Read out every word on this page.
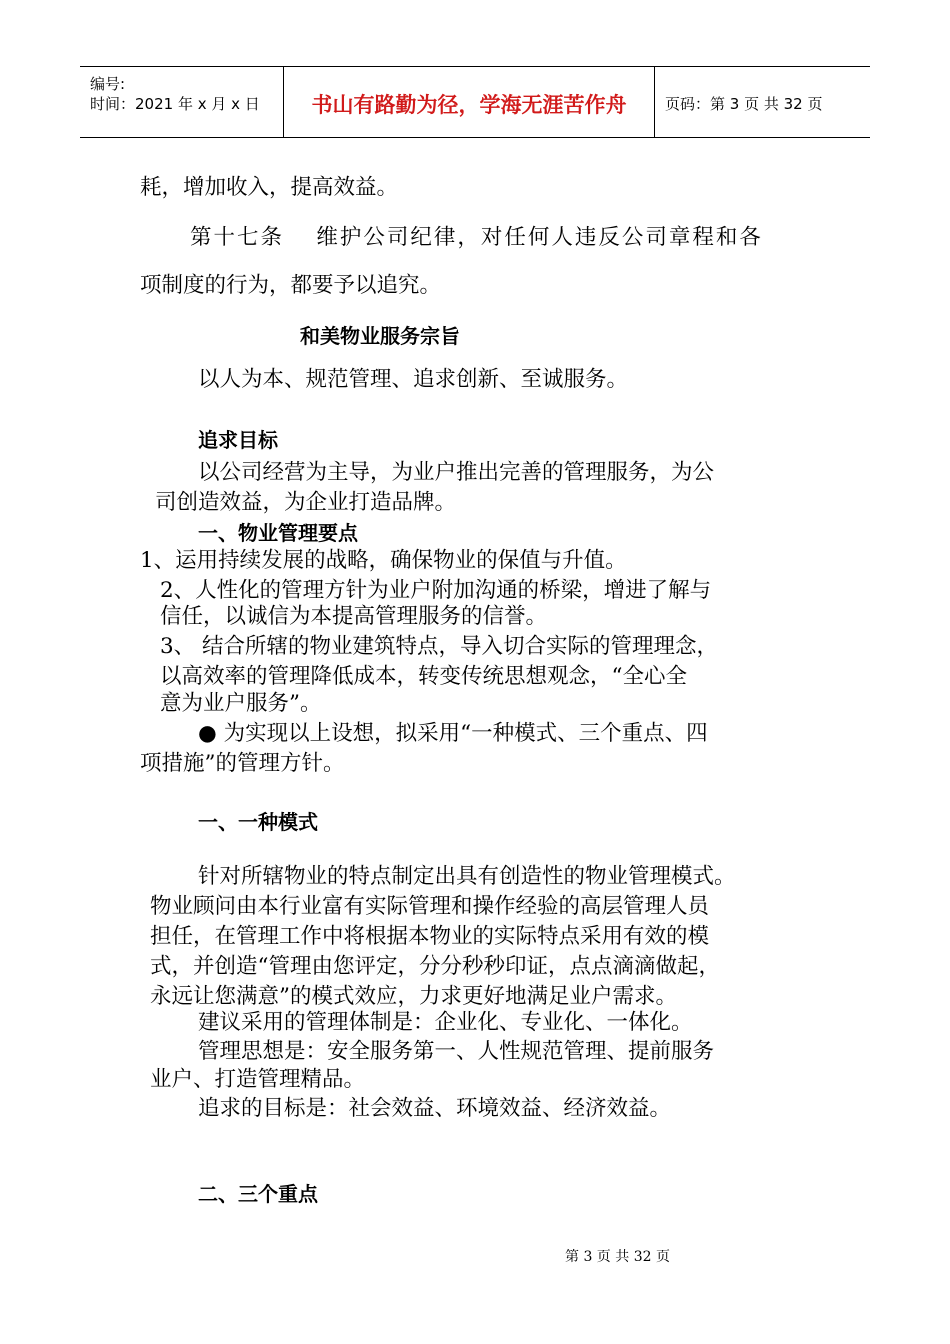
编号:
时间：2021 年 x 月 x 日	书山有路勤为径，学海无涯苦作舟	页码：第 3 页 共 32 页
耗，增加收入，提高效益。
第十七条　 维护公司纪律，对任何人违反公司章程和各
项制度的行为，都要予以追究。
和美物业服务宗旨
以人为本、规范管理、追求创新、至诚服务。
追求目标
以公司经营为主导，为业户推出完善的管理服务，为公
司创造效益，为企业打造品牌。
一、物业管理要点
1、运用持续发展的战略，确保物业的保值与升值。
2、人性化的管理方针为业户附加沟通的桥梁，增进了解与
信任，以诚信为本提高管理服务的信誉。
3、 结合所辖的物业建筑特点，导入切合实际的管理理念，
以高效率的管理降低成本，转变传统思想观念，“全心全
意为业户服务”。
● 为实现以上设想，拟采用“一种模式、三个重点、四
项措施”的管理方针。
一、一种模式
针对所辖物业的特点制定出具有创造性的物业管理模式。
物业顾问由本行业富有实际管理和操作经验的高层管理人员
担任，在管理工作中将根据本物业的实际特点采用有效的模
式，并创造“管理由您评定，分分秒秒印证，点点滴滴做起，
永远让您满意”的模式效应，力求更好地满足业户需求。
建议采用的管理体制是：企业化、专业化、一体化。
管理思想是：安全服务第一、人性规范管理、提前服务
业户、打造管理精品。
追求的目标是：社会效益、环境效益、经济效益。
二、三个重点
第 3 页 共 32 页
